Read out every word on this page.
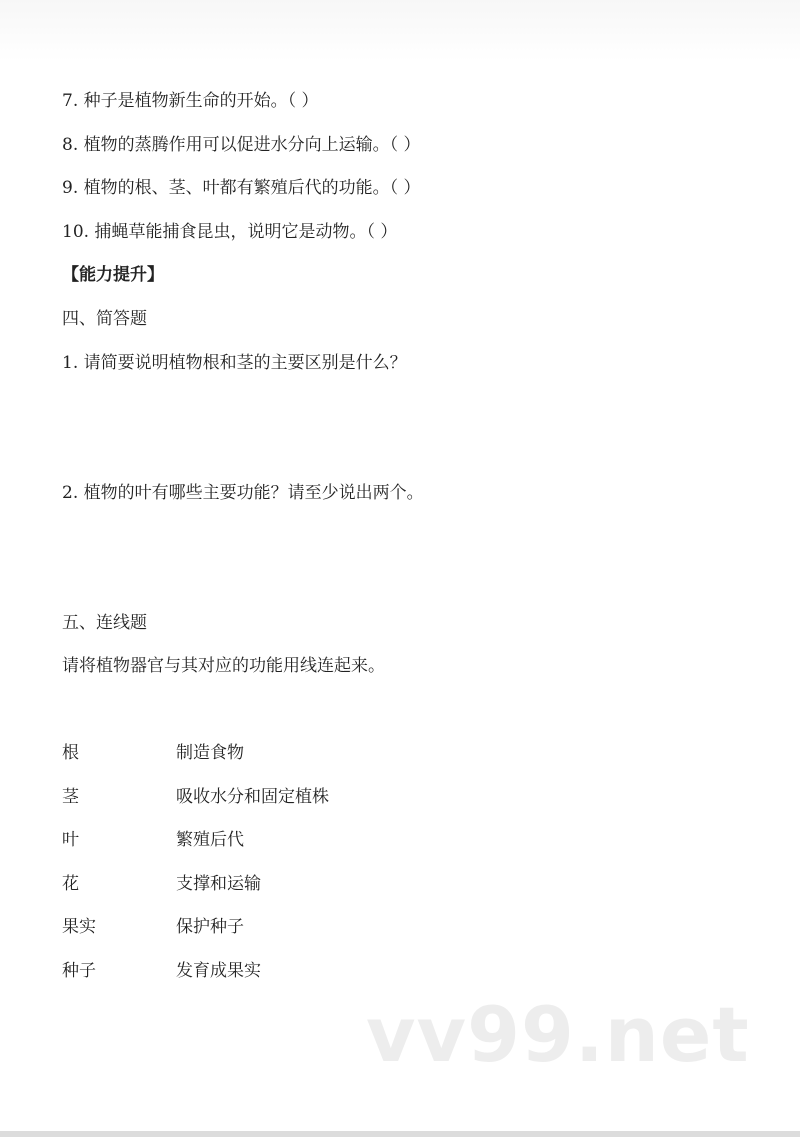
7. 种子是植物新生命的开始。（ ）
8. 植物的蒸腾作用可以促进水分向上运输。（ ）
9. 植物的根、茎、叶都有繁殖后代的功能。（ ）
10. 捕蝇草能捕食昆虫，说明它是动物。（ ）
【能力提升】
四、简答题
1. 请简要说明植物根和茎的主要区别是什么？
2. 植物的叶有哪些主要功能？请至少说出两个。
五、连线题
请将植物器官与其对应的功能用线连起来。
根	制造食物
茎	吸收水分和固定植株
叶	繁殖后代
花	支撑和运输
果实	保护种子
种子	发育成果实
vv99.net
